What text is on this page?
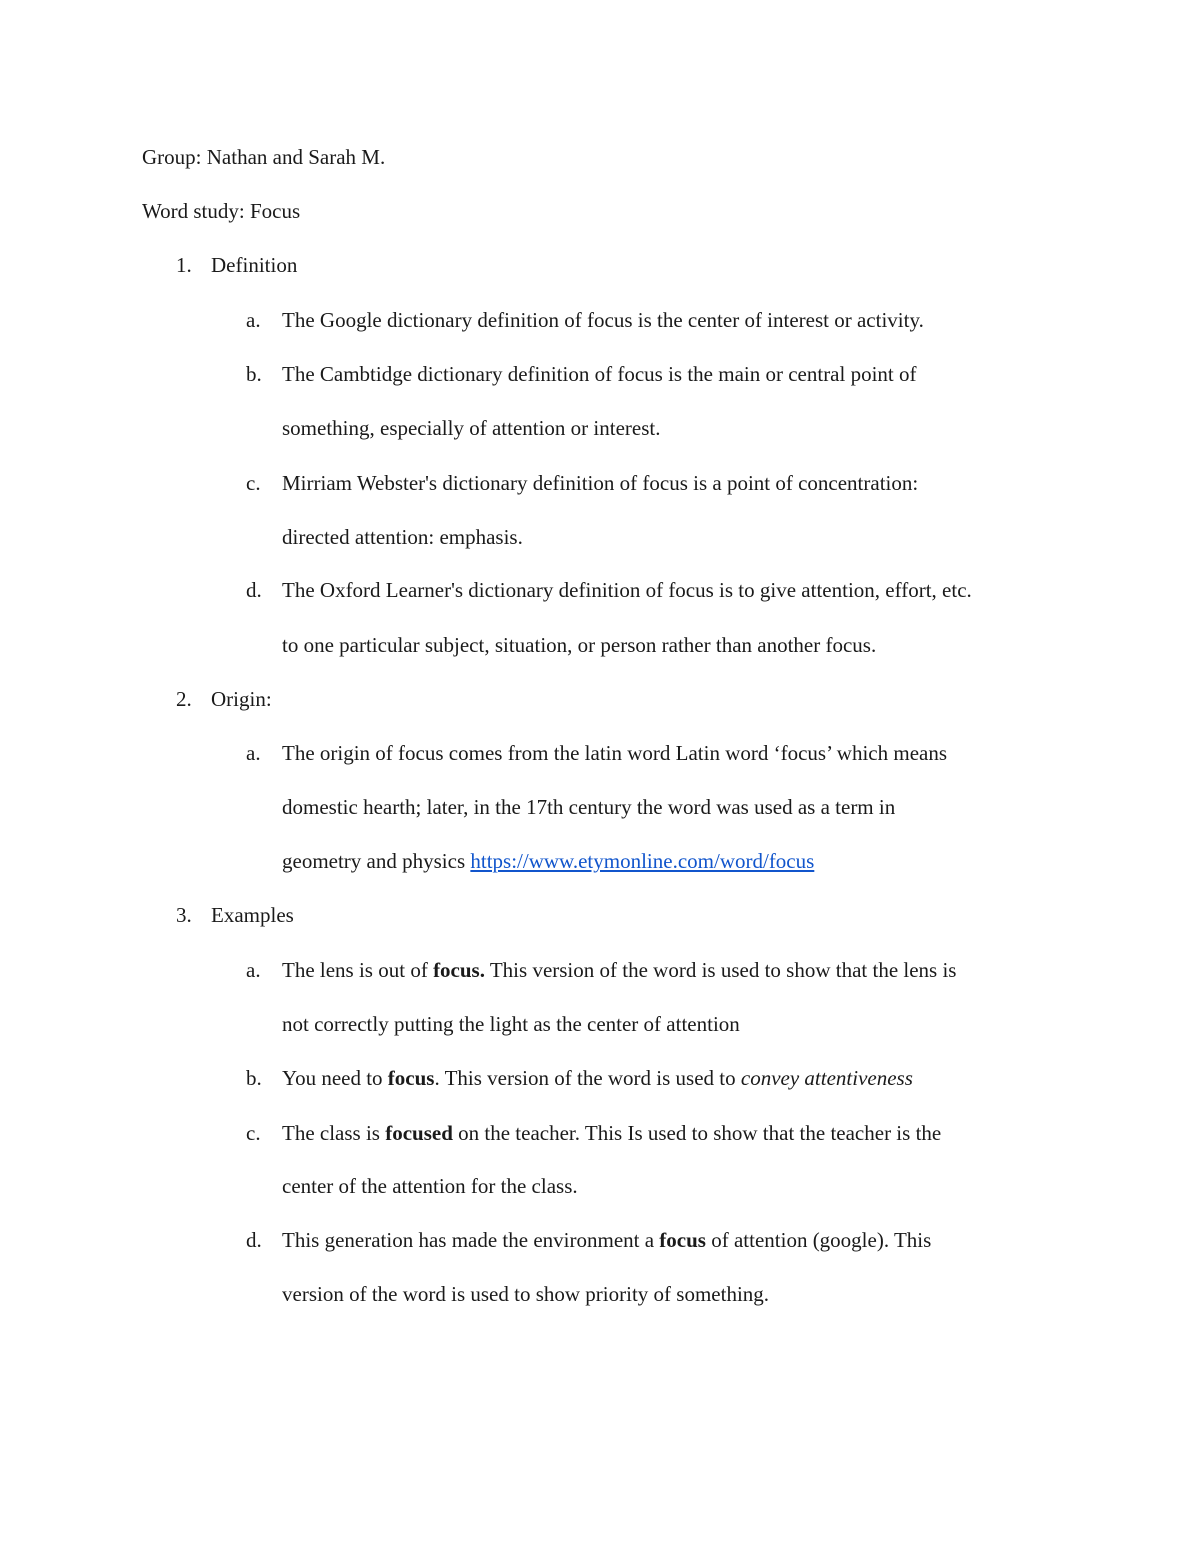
Group: Nathan and Sarah M.
Word study: Focus
1. Definition
a. The Google dictionary definition of focus is the center of interest or activity.
b. The Cambtidge dictionary definition of focus is the main or central point of
something, especially of attention or interest.
c. Mirriam Webster's dictionary definition of focus is a point of concentration:
directed attention: emphasis.
d. The Oxford Learner's dictionary definition of focus is to give attention, effort, etc.
to one particular subject, situation, or person rather than another focus.
2. Origin:
a. The origin of focus comes from the latin word Latin word ‘focus’ which means
domestic hearth; later, in the 17th century the word was used as a term in
geometry and physics https://www.etymonline.com/word/focus
3. Examples
a. The lens is out of focus. This version of the word is used to show that the lens is
not correctly putting the light as the center of attention
b. You need to focus. This version of the word is used to convey attentiveness
c. The class is focused on the teacher. This Is used to show that the teacher is the
center of the attention for the class.
d. This generation has made the environment a focus of attention (google). This
version of the word is used to show priority of something.
